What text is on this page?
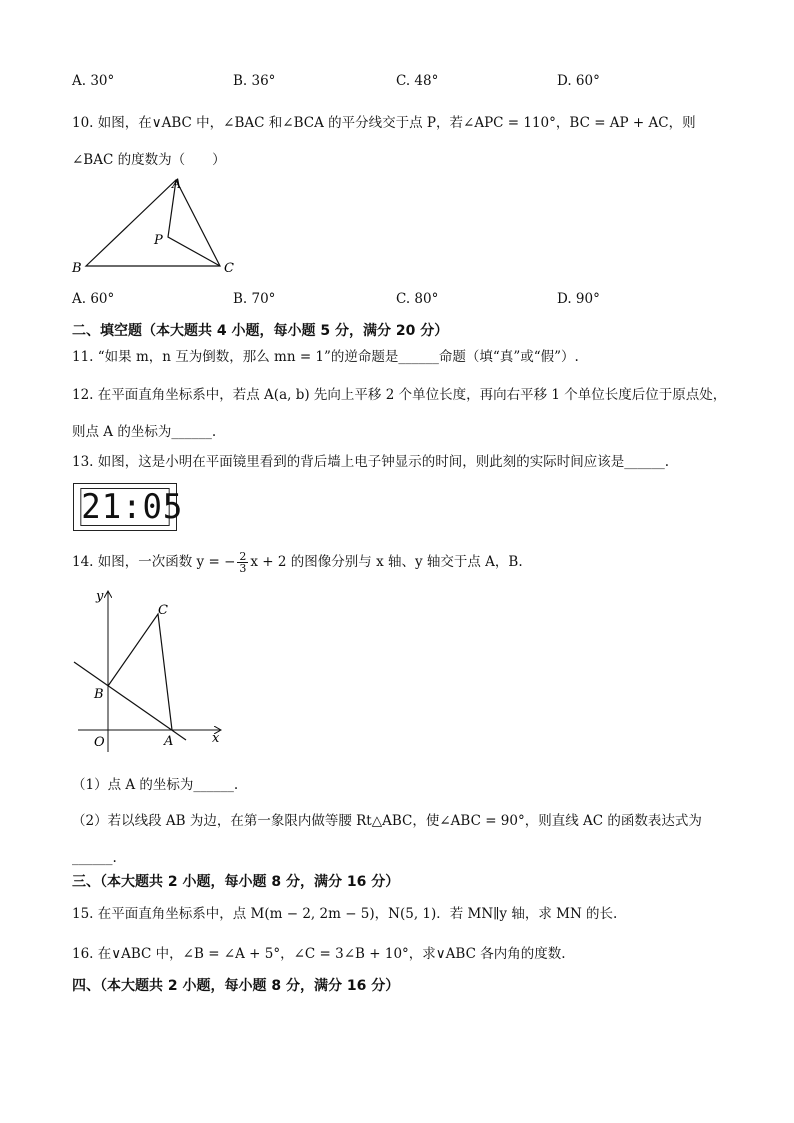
A. 30°	B. 36°	C. 48°	D. 60°
10. 如图，在∨ABC 中，∠BAC 和∠BCA 的平分线交于点 P，若∠APC = 110°，BC = AP + AC，则
∠BAC 的度数为（　　）
A
P
B	C
A. 60°	B. 70°	C. 80°	D. 90°
二、填空题（本大题共 4 小题，每小题 5 分，满分 20 分）
11. “如果 m，n 互为倒数，那么 mn = 1”的逆命题是______命题（填“真”或“假”）.
12. 在平面直角坐标系中，若点 A(a, b) 先向上平移 2 个单位长度，再向右平移 1 个单位长度后位于原点处，
则点 A 的坐标为______.
13. 如图，这是小明在平面镜里看到的背后墙上电子钟显示的时间，则此刻的实际时间应该是______.
21:05
14. 如图，一次函数 y = − $\frac{2}{3}$ x + 2 的图像分别与 x 轴、y 轴交于点 A，B.
y
x
O	A
B
C
（1）点 A 的坐标为______.
（2）若以线段 AB 为边，在第一象限内做等腰 Rt△ABC，使∠ABC = 90°，则直线 AC 的函数表达式为
______.
三、（本大题共 2 小题，每小题 8 分，满分 16 分）
15. 在平面直角坐标系中，点 M(m − 2, 2m − 5)，N(5, 1)．若 MN∥y 轴，求 MN 的长.
16. 在∨ABC 中，∠B = ∠A + 5°，∠C = 3∠B + 10°，求∨ABC 各内角的度数.
四、（本大题共 2 小题，每小题 8 分，满分 16 分）
